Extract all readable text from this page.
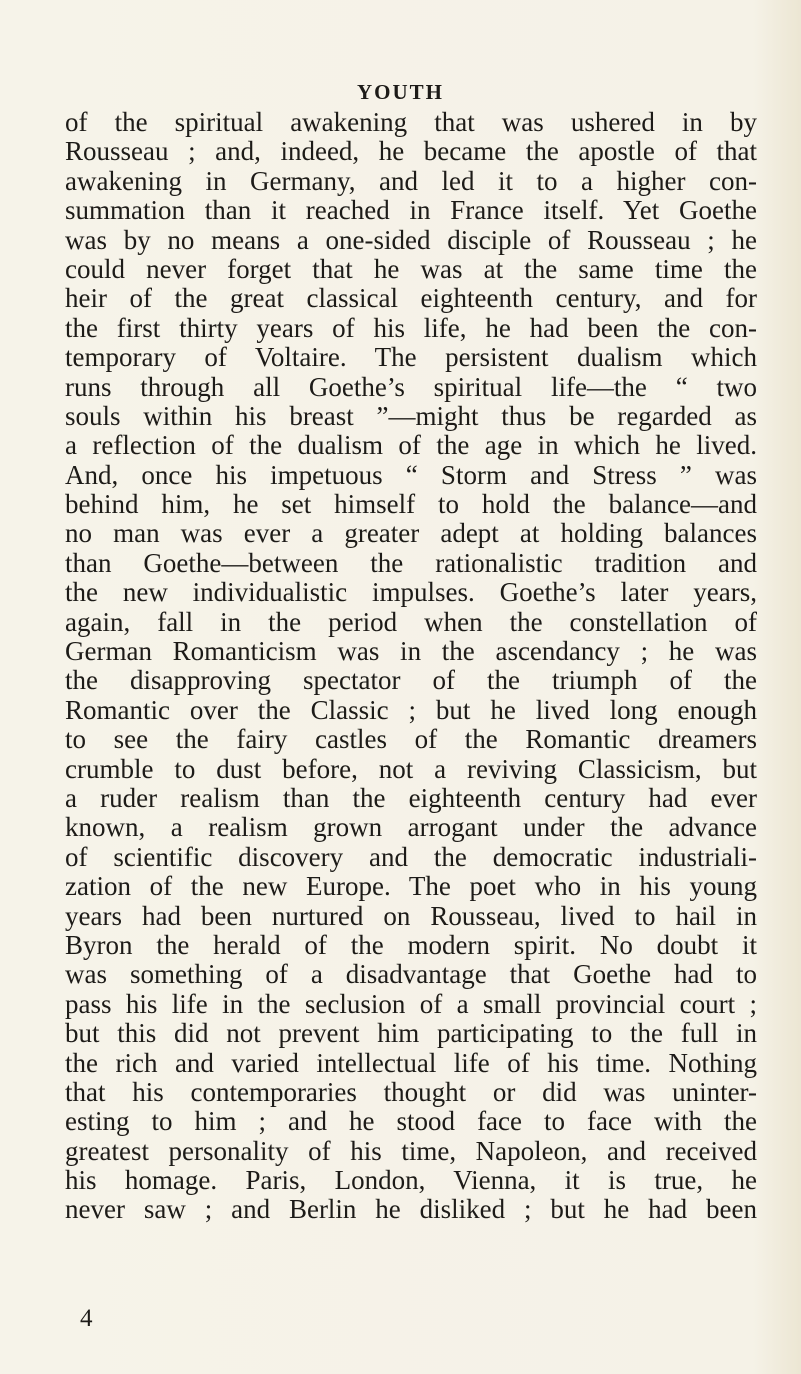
YOUTH
of the spiritual awakening that was ushered in by
Rousseau ; and, indeed, he became the apostle of that
awakening in Germany, and led it to a higher con-
summation than it reached in France itself. Yet Goethe
was by no means a one-sided disciple of Rousseau ; he
could never forget that he was at the same time the
heir of the great classical eighteenth century, and for
the first thirty years of his life, he had been the con-
temporary of Voltaire. The persistent dualism which
runs through all Goethe’s spiritual life—the “ two
souls within his breast ”—might thus be regarded as
a reflection of the dualism of the age in which he lived.
And, once his impetuous “ Storm and Stress ” was
behind him, he set himself to hold the balance—and
no man was ever a greater adept at holding balances
than Goethe—between the rationalistic tradition and
the new individualistic impulses. Goethe’s later years,
again, fall in the period when the constellation of
German Romanticism was in the ascendancy ; he was
the disapproving spectator of the triumph of the
Romantic over the Classic ; but he lived long enough
to see the fairy castles of the Romantic dreamers
crumble to dust before, not a reviving Classicism, but
a ruder realism than the eighteenth century had ever
known, a realism grown arrogant under the advance
of scientific discovery and the democratic industriali-
zation of the new Europe. The poet who in his young
years had been nurtured on Rousseau, lived to hail in
Byron the herald of the modern spirit. No doubt it
was something of a disadvantage that Goethe had to
pass his life in the seclusion of a small provincial court ;
but this did not prevent him participating to the full in
the rich and varied intellectual life of his time. Nothing
that his contemporaries thought or did was uninter-
esting to him ; and he stood face to face with the
greatest personality of his time, Napoleon, and received
his homage. Paris, London, Vienna, it is true, he
never saw ; and Berlin he disliked ; but he had been

4
